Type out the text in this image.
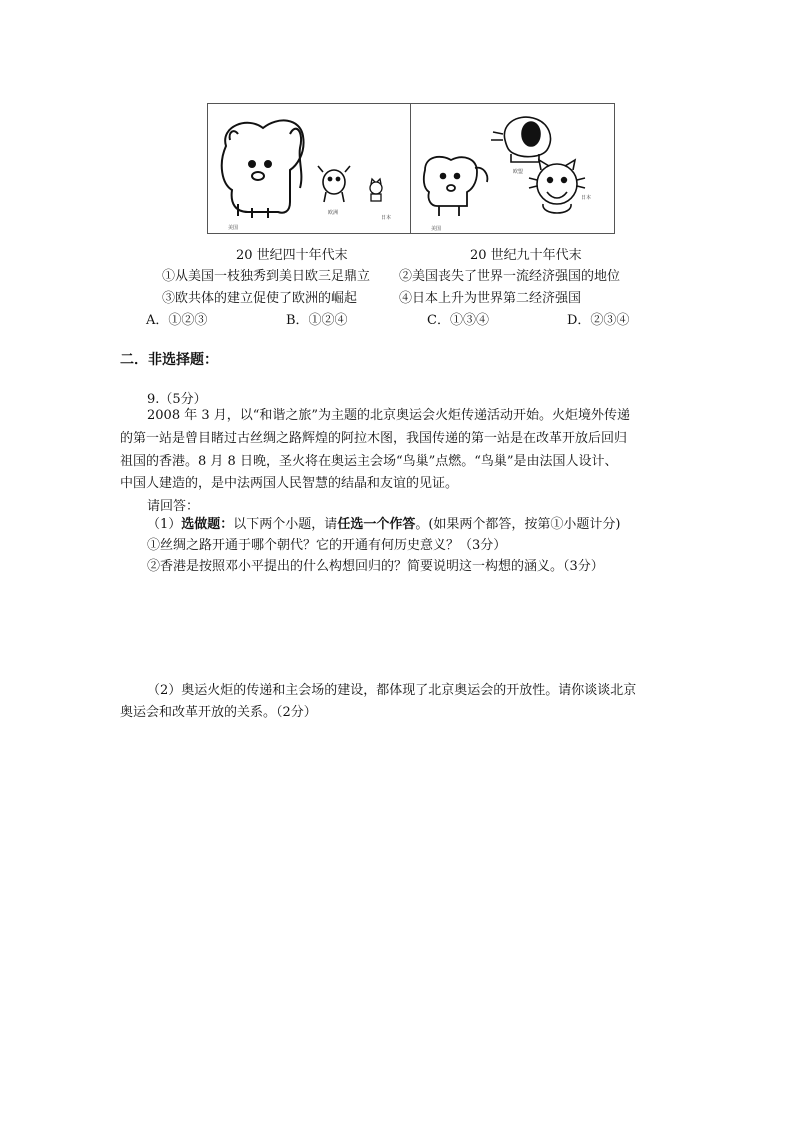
美国
欧洲
日本
美国
欧盟
日本
20 世纪四十年代末	20 世纪九十年代末
①从美国一枝独秀到美日欧三足鼎立 ②美国丧失了世界一流经济强国的地位
③欧共体的建立促使了欧洲的崛起	④日本上升为世界第二经济强国
A．①②③	B．①②④	C．①③④	D．②③④
二．非选择题：
9.（5分）
2008 年 3 月，以“和谐之旅”为主题的北京奥运会火炬传递活动开始。火炬境外传递
的第一站是曾目睹过古丝绸之路辉煌的阿拉木图，我国传递的第一站是在改革开放后回归
祖国的香港。8 月 8 日晚，圣火将在奥运主会场“鸟巢”点燃。“鸟巢”是由法国人设计、
中国人建造的，是中法两国人民智慧的结晶和友谊的见证。
请回答：
（1）选做题：以下两个小题，请任选一个作答。(如果两个都答，按第①小题计分)
①丝绸之路开通于哪个朝代？它的开通有何历史意义？（3分）
②香港是按照邓小平提出的什么构想回归的？简要说明这一构想的涵义。（3分）
（2）奥运火炬的传递和主会场的建设，都体现了北京奥运会的开放性。请你谈谈北京
奥运会和改革开放的关系。（2分）
